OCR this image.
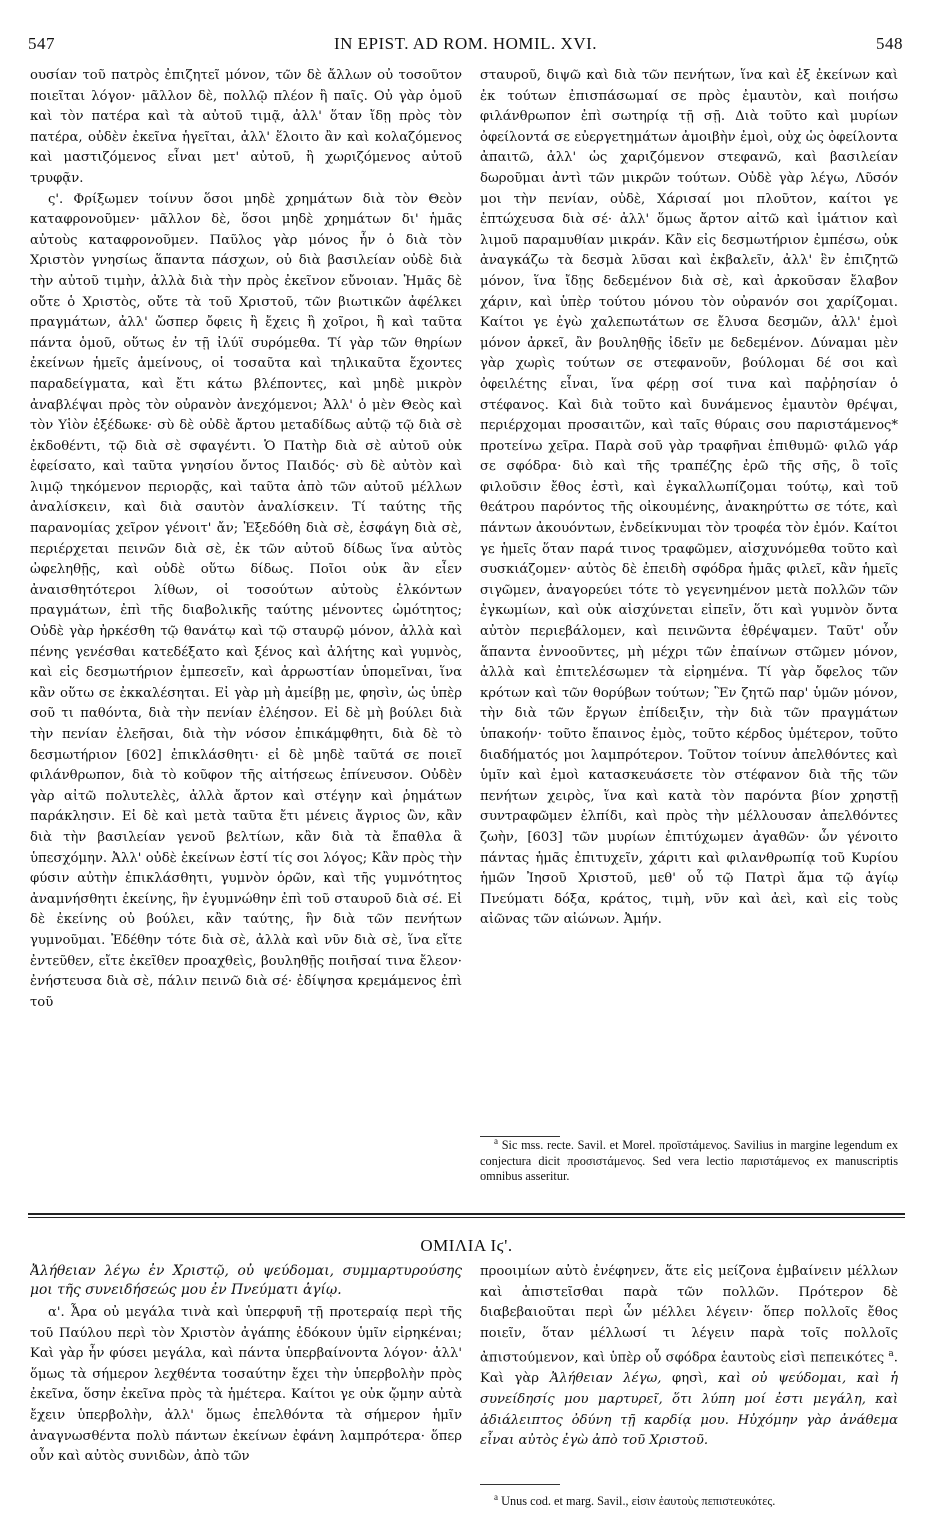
547	IN EPIST. AD ROM. HOMIL. XVI.	548

ουσίαν τοῦ πατρὸς ἐπιζητεῖ μόνον, τῶν δὲ ἄλλων οὐ τοσοῦτον ποιεῖται λόγον· μᾶλλον δὲ, πολλῷ πλέον ἢ παῖς. Οὐ γὰρ ὁμοῦ καὶ τὸν πατέρα καὶ τὰ αὐτοῦ τιμᾷ, ἀλλ' ὅταν ἴδῃ πρὸς τὸν πατέρα, οὐδὲν ἐκεῖνα ἡγεῖται, ἀλλ' ἕλοιτο ἂν καὶ κολαζόμενος καὶ μαστιζόμενος εἶναι μετ' αὐτοῦ, ἢ χωριζόμενος αὐτοῦ τρυφᾷν.

ς'. Φρίξωμεν τοίνυν ὅσοι μηδὲ χρημάτων διὰ τὸν Θεὸν καταφρονοῦμεν· μᾶλλον δὲ, ὅσοι μηδὲ χρημάτων δι' ἡμᾶς αὐτοὺς καταφρονοῦμεν. Παῦλος γὰρ μόνος ἦν ὁ διὰ τὸν Χριστὸν γνησίως ἅπαντα πάσχων, οὐ διὰ βασιλείαν οὐδὲ διὰ τὴν αὐτοῦ τιμὴν, ἀλλὰ διὰ τὴν πρὸς ἐκεῖνον εὔνοιαν. Ἡμᾶς δὲ οὔτε ὁ Χριστὸς, οὔτε τὰ τοῦ Χριστοῦ, τῶν βιωτικῶν ἀφέλκει πραγμάτων, ἀλλ' ὥσπερ ὄφεις ἢ ἔχεις ἢ χοῖροι, ἢ καὶ ταῦτα πάντα ὁμοῦ, οὕτως ἐν τῇ ἰλύϊ συρόμεθα. Τί γὰρ τῶν θηρίων ἐκείνων ἡμεῖς ἀμείνους, οἱ τοσαῦτα καὶ τηλικαῦτα ἔχοντες παραδείγματα, καὶ ἔτι κάτω βλέποντες, καὶ μηδὲ μικρὸν ἀναβλέψαι πρὸς τὸν οὐρανὸν ἀνεχόμενοι; Ἀλλ' ὁ μὲν Θεὸς καὶ τὸν Υἱὸν ἐξέδωκε· σὺ δὲ οὐδὲ ἄρτου μεταδίδως αὐτῷ τῷ διὰ σὲ ἐκδοθέντι, τῷ διὰ σὲ σφαγέντι. Ὁ Πατὴρ διὰ σὲ αὐτοῦ οὐκ ἐφείσατο, καὶ ταῦτα γνησίου ὄντος Παιδός· σὺ δὲ αὐτὸν καὶ λιμῷ τηκόμενον περιορᾷς, καὶ ταῦτα ἀπὸ τῶν αὐτοῦ μέλλων ἀναλίσκειν, καὶ διὰ σαυτὸν ἀναλίσκειν. Τί ταύτης τῆς παρανομίας χεῖρον γένοιτ' ἄν; Ἐξεδόθη διὰ σὲ, ἐσφάγη διὰ σὲ, περιέρχεται πεινῶν διὰ σὲ, ἐκ τῶν αὐτοῦ δίδως ἵνα αὐτὸς ὠφεληθῇς, καὶ οὐδὲ οὕτω δίδως. Ποῖοι οὐκ ἂν εἶεν ἀναισθητότεροι λίθων, οἱ τοσούτων αὐτοὺς ἑλκόντων πραγμάτων, ἐπὶ τῆς διαβολικῆς ταύτης μένοντες ὠμότητος; Οὐδὲ γὰρ ἠρκέσθη τῷ θανάτῳ καὶ τῷ σταυρῷ μόνον, ἀλλὰ καὶ πένης γενέσθαι κατεδέξατο καὶ ξένος καὶ ἀλήτης καὶ γυμνὸς, καὶ εἰς δεσμωτήριον ἐμπεσεῖν, καὶ ἀρρωστίαν ὑπομεῖναι, ἵνα κἂν οὕτω σε ἐκκαλέσηται. Εἰ γὰρ μὴ ἀμείβῃ με, φησὶν, ὡς ὑπὲρ σοῦ τι παθόντα, διὰ τὴν πενίαν ἐλέησον. Εἰ δὲ μὴ βούλει διὰ τὴν πενίαν ἐλεῆσαι, διὰ τὴν νόσον ἐπικάμφθητι, διὰ δὲ τὸ δεσμωτήριον [602] ἐπικλάσθητι· εἰ δὲ μηδὲ ταῦτά σε ποιεῖ φιλάνθρωπον, διὰ τὸ κοῦφον τῆς αἰτήσεως ἐπίνευσον. Οὐδὲν γὰρ αἰτῶ πολυτελὲς, ἀλλὰ ἄρτον καὶ στέγην καὶ ῥημάτων παράκλησιν. Εἰ δὲ καὶ μετὰ ταῦτα ἔτι μένεις ἄγριος ὢν, κἂν διὰ τὴν βασιλείαν γενοῦ βελτίων, κἂν διὰ τὰ ἔπαθλα ἃ ὑπεσχόμην. Ἀλλ' οὐδὲ ἐκείνων ἐστί τίς σοι λόγος; Κἂν πρὸς τὴν φύσιν αὐτὴν ἐπικλάσθητι, γυμνὸν ὁρῶν, καὶ τῆς γυμνότητος ἀναμνήσθητι ἐκείνης, ἣν ἐγυμνώθην ἐπὶ τοῦ σταυροῦ διὰ σέ. Εἰ δὲ ἐκείνης οὐ βούλει, κἂν ταύτης, ἣν διὰ τῶν πενήτων γυμνοῦμαι. Ἐδέθην τότε διὰ σὲ, ἀλλὰ καὶ νῦν διὰ σὲ, ἵνα εἴτε ἐντεῦθεν, εἴτε ἐκεῖθεν προαχθεὶς, βουληθῇς ποιῆσαί τινα ἔλεον· ἐνήστευσα διὰ σὲ, πάλιν πεινῶ διὰ σέ· ἐδίψησα κρεμάμενος ἐπὶ τοῦ

σταυροῦ, διψῶ καὶ διὰ τῶν πενήτων, ἵνα καὶ ἐξ ἐκείνων καὶ ἐκ τούτων ἐπισπάσωμαί σε πρὸς ἐμαυτὸν, καὶ ποιήσω φιλάνθρωπον ἐπὶ σωτηρίᾳ τῇ σῇ. Διὰ τοῦτο καὶ μυρίων ὀφείλοντά σε εὐεργετημάτων ἀμοιβὴν ἐμοὶ, οὐχ ὡς ὀφείλοντα ἀπαιτῶ, ἀλλ' ὡς χαριζόμενον στεφανῶ, καὶ βασιλείαν δωροῦμαι ἀντὶ τῶν μικρῶν τούτων. Οὐδὲ γὰρ λέγω, Λῦσόν μοι τὴν πενίαν, οὐδὲ, Χάρισαί μοι πλοῦτον, καίτοι γε ἐπτώχευσα διὰ σέ· ἀλλ' ὅμως ἄρτον αἰτῶ καὶ ἱμάτιον καὶ λιμοῦ παραμυθίαν μικράν. Κἂν εἰς δεσμωτήριον ἐμπέσω, οὐκ ἀναγκάζω τὰ δεσμὰ λῦσαι καὶ ἐκβαλεῖν, ἀλλ' ἓν ἐπιζητῶ μόνον, ἵνα ἴδῃς δεδεμένον διὰ σὲ, καὶ ἀρκοῦσαν ἔλαβον χάριν, καὶ ὑπὲρ τούτου μόνου τὸν οὐρανόν σοι χαρίζομαι. Καίτοι γε ἐγὼ χαλεπωτάτων σε ἔλυσα δεσμῶν, ἀλλ' ἐμοὶ μόνον ἀρκεῖ, ἂν βουληθῇς ἰδεῖν με δεδεμένον. Δύναμαι μὲν γὰρ χωρὶς τούτων σε στεφανοῦν, βούλομαι δέ σοι καὶ ὀφειλέτης εἶναι, ἵνα φέρῃ σοί τινα καὶ παῤῥησίαν ὁ στέφανος. Καὶ διὰ τοῦτο καὶ δυνάμενος ἐμαυτὸν θρέψαι, περιέρχομαι προσαιτῶν, καὶ ταῖς θύραις σου παριστάμενος* προτείνω χεῖρα. Παρὰ σοῦ γὰρ τραφῆναι ἐπιθυμῶ· φιλῶ γάρ σε σφόδρα· διὸ καὶ τῆς τραπέζης ἐρῶ τῆς σῆς, ὃ τοῖς φιλοῦσιν ἔθος ἐστὶ, καὶ ἐγκαλλωπίζομαι τούτῳ, καὶ τοῦ θεάτρου παρόντος τῆς οἰκουμένης, ἀνακηρύττω σε τότε, καὶ πάντων ἀκουόντων, ἐνδείκνυμαι τὸν τροφέα τὸν ἐμόν. Καίτοι γε ἡμεῖς ὅταν παρά τινος τραφῶμεν, αἰσχυνόμεθα τοῦτο καὶ συσκιάζομεν· αὐτὸς δὲ ἐπειδὴ σφόδρα ἡμᾶς φιλεῖ, κἂν ἡμεῖς σιγῶμεν, ἀναγορεύει τότε τὸ γεγενημένον μετὰ πολλῶν τῶν ἐγκωμίων, καὶ οὐκ αἰσχύνεται εἰπεῖν, ὅτι καὶ γυμνὸν ὄντα αὐτὸν περιεβάλομεν, καὶ πεινῶντα ἐθρέψαμεν. Ταῦτ' οὖν ἅπαντα ἐννοοῦντες, μὴ μέχρι τῶν ἐπαίνων στῶμεν μόνον, ἀλλὰ καὶ ἐπιτελέσωμεν τὰ εἰρημένα. Τί γὰρ ὄφελος τῶν κρότων καὶ τῶν θορύβων τούτων; Ἓν ζητῶ παρ' ὑμῶν μόνον, τὴν διὰ τῶν ἔργων ἐπίδειξιν, τὴν διὰ τῶν πραγμάτων ὑπακοήν· τοῦτο ἔπαινος ἐμὸς, τοῦτο κέρδος ὑμέτερον, τοῦτο διαδήματός μοι λαμπρότερον. Τοῦτον τοίνυν ἀπελθόντες καὶ ὑμῖν καὶ ἐμοὶ κατασκευάσετε τὸν στέφανον διὰ τῆς τῶν πενήτων χειρὸς, ἵνα καὶ κατὰ τὸν παρόντα βίον χρηστῇ συντραφῶμεν ἐλπίδι, καὶ πρὸς τὴν μέλλουσαν ἀπελθόντες ζωὴν, [603] τῶν μυρίων ἐπιτύχωμεν ἀγαθῶν· ὧν γένοιτο πάντας ἡμᾶς ἐπιτυχεῖν, χάριτι καὶ φιλανθρωπίᾳ τοῦ Κυρίου ἡμῶν Ἰησοῦ Χριστοῦ, μεθ' οὗ τῷ Πατρὶ ἅμα τῷ ἁγίῳ Πνεύματι δόξα, κράτος, τιμὴ, νῦν καὶ ἀεὶ, καὶ εἰς τοὺς αἰῶνας τῶν αἰώνων. Ἀμήν.

$^a$ Sic mss. recte. Savil. et Morel. προϊστάμενος. Savilius in margine legendum ex conjectura dicit προσιστάμενος. Sed vera lectio παριστάμενος ex manuscriptis omnibus asseritur.
ΟΜΙΛΙΑ Ιϛ'.

Ἀλήθειαν λέγω ἐν Χριστῷ, οὐ ψεύδομαι, συμμαρτυρούσης μοι τῆς συνειδήσεώς μου ἐν Πνεύματι ἁγίῳ.

α'. Ἆρα οὐ μεγάλα τινὰ καὶ ὑπερφυῆ τῇ προτεραίᾳ περὶ τῆς τοῦ Παύλου περὶ τὸν Χριστὸν ἀγάπης ἐδόκουν ὑμῖν εἰρηκέναι; Καὶ γὰρ ἦν φύσει μεγάλα, καὶ πάντα ὑπερβαίνοντα λόγον· ἀλλ' ὅμως τὰ σήμερον λεχθέντα τοσαύτην ἔχει τὴν ὑπερβολὴν πρὸς ἐκεῖνα, ὅσην ἐκεῖνα πρὸς τὰ ἡμέτερα. Καίτοι γε οὐκ ᾤμην αὐτὰ ἔχειν ὑπερβολὴν, ἀλλ' ὅμως ἐπελθόντα τὰ σήμερον ἡμῖν ἀναγνωσθέντα πολὺ πάντων ἐκείνων ἐφάνη λαμπρότερα· ὅπερ οὖν καὶ αὐτὸς συνιδὼν, ἀπὸ τῶν

προοιμίων αὐτὸ ἐνέφηνεν, ἅτε εἰς μείζονα ἐμβαίνειν μέλλων καὶ ἀπιστεῖσθαι παρὰ τῶν πολλῶν. Πρότερον δὲ διαβεβαιοῦται περὶ ὧν μέλλει λέγειν· ὅπερ πολλοῖς ἔθος ποιεῖν, ὅταν μέλλωσί τι λέγειν παρὰ τοῖς πολλοῖς ἀπιστούμενον, καὶ ὑπὲρ οὗ σφόδρα ἑαυτοὺς εἰσὶ πεπεικότες $^a$. Καὶ γὰρ Ἀλήθειαν λέγω, φησὶ, καὶ οὐ ψεύδομαι, καὶ ἡ συνείδησίς μου μαρτυρεῖ, ὅτι λύπη μοί ἐστι μεγάλη, καὶ ἀδιάλειπτος ὀδύνη τῇ καρδίᾳ μου. Ηὐχόμην γὰρ ἀνάθεμα εἶναι αὐτὸς ἐγὼ ἀπὸ τοῦ Χριστοῦ.

$^a$ Unus cod. et marg. Savil., εἰσιν ἑαυτοὺς πεπιστευκότες.
